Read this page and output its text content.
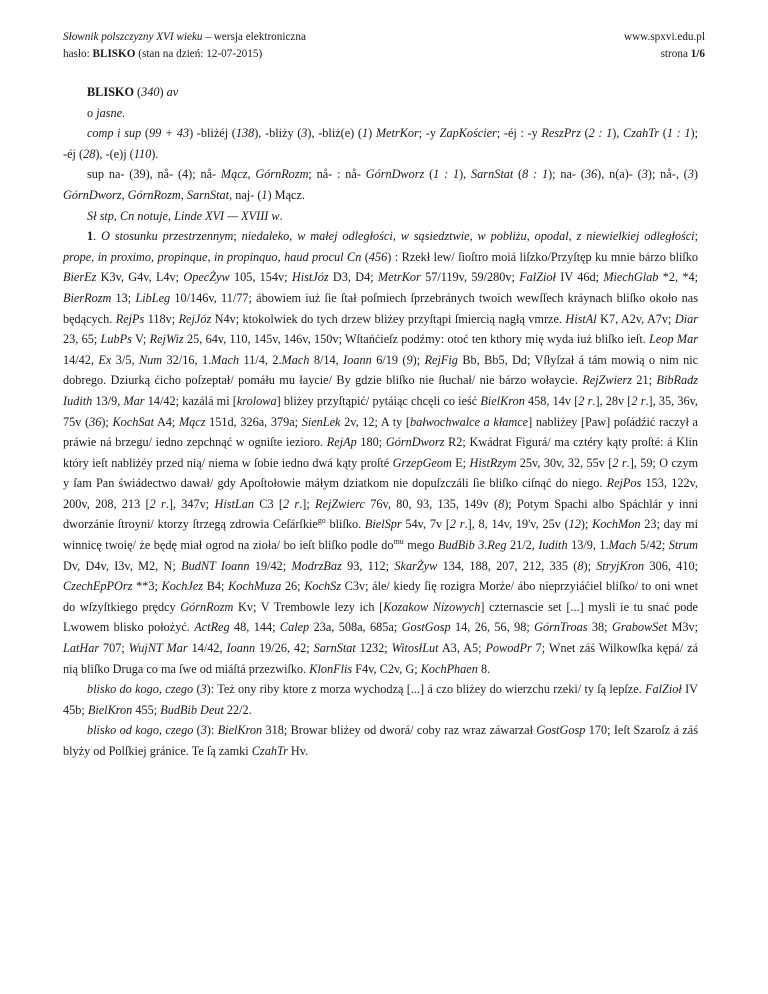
Słownik polszczyzny XVI wieku – wersja elektroniczna
hasło: BLISKO (stan na dzień: 12-07-2015)
www.spxvi.edu.pl
strona 1/6

BLISKO (340) av

o jasne.

comp i sup (99 + 43) -bliżéj (138), -bliży (3), -bliż(e) (1) MetrKor; -y ZapKościer; -éj : -y ReszPrz (2 : 1), CzahTr (1 : 1); -éj (28), -(e)j (110).

sup na- (39), nå- (4); nå- Mącz, GórnRozm; nå- : nå- GórnDworz (1 : 1), SarnStat (8 : 1); na- (36), n(a)- (3); nå-, (3) GórnDworz, GórnRozm, SarnStat, naj- (1) Mącz.

Sł stp, Cn notuje, Linde XVI — XVIII w.

1. O stosunku przestrzennym; niedaleko, w małej odległości, w sąsiedztwie, w pobliżu, opodal, z niewielkiej odległości; prope, in proximo, propinque, in propinquo, haud procul Cn (456) : Rzekł lew/ ſioſtro moiá liſzko/Przyſtęp ku mnie bárzo bliſko BierEz K3v, G4v, L4v; OpecŻyw 105, 154v; HistJóz D3, D4; MetrKor 57/119v, 59/280v; FalZioł IV 46d; MiechGlab *2, *4; BierRozm 13; LibLeg 10/146v, 11/77; ábowiem iuż ſie ſtał poſmiech ſprzebránych twoich wewſſech kráynach bliſko około nas będących. RejPs 118v; RejJóz N4v; ktokolwiek do tych drzew bliżey przyſtąpi ſmiercią nagłą vmrze. HistAl K7, A2v, A7v; Diar 23, 65; LubPs V; RejWiz 25, 64v, 110, 145v, 146v, 150v; Wſtańćieſz podźmy: otoć ten kthory mię wyda iuż bliſko ieſt. Leop Mar 14/42, Ex 3/5, Num 32/16, 1.Mach 11/4, 2.Mach 8/14, Ioann 6/19 (9); RejFig Bb, Bb5, Dd; Vſłyſzał á tám mowią o nim nic dobrego. Dziurką ćicho poſzeptał/ pomáłu mu łaycie/ By gdzie bliſko nie ſłuchał/ nie bárzo wołaycie. RejZwierz 21; BibRadz Iudith 13/9, Mar 14/42; kazálá mi [krolowa] bliżey przyſtąpić/ pytáiąc chcęli co ieść BielKron 458, 14v [2 r.], 28v [2 r.], 35, 36v, 75v (36); KochSat A4; Mącz 151d, 326a, 379a; SienLek 2v, 12; A ty [bałwochwalce a kłamce] nabliżey [Paw] poſádźić raczył a práwie ná brzegu/ iedno zepchnąć w ogniſte iezioro. RejAp 180; GórnDworz R2; Kwádrat Figurá/ ma cztéry kąty proſté: á Klin który ieſt nabliżéy przed nią/ niema w ſobie iedno dwá kąty proſté GrzepGeom E; HistRzym 25v, 30v, 32, 55v [2 r.], 59; O czym y ſam Pan świádectwo dawał/ gdy Apoſtołowie máłym dziatkom nie dopuſzczáli ſie bliſko ciſnąć do niego. RejPos 153, 122v, 200v, 208, 213 [2 r.], 347v; HistLan C3 [2 r.]; RejZwierc 76v, 80, 93, 135, 149v (8); Potym Spachi albo Spáchlár y inni dworzánie ſtroyni/ ktorzy ſtrzegą zdrowia Ceſárſkie$^{go}$ bliſko. BielSpr 54v, 7v [2 r.], 8, 14v, 19'v, 25v (12); KochMon 23; day mi winnicę twoię/ że będę miał ogrod na zioła/ bo ieſt bliſko podle $do^{mu}$ mego BudBib 3.Reg 21/2, Iudith 13/9, 1.Mach 5/42; Strum Dv, D4v, I3v, M2, N; BudNT Ioann 19/42; ModrzBaz 93, 112; SkarŻyw 134, 188, 207, 212, 335 (8); StryjKron 306, 410; CzechEpPOrz **3; KochJez B4; KochMuza 26; KochSz C3v; ále/ kiedy ſię rozigra Morże/ ábo nieprzyiáćiel bliſko/ to oni wnet do wſzyſtkiego prędcy GórnRozm Kv; V Trembowle lezy ich [Kozakow Nizowych] czternascie set [...] mysli ie tu snać pode Lwowem blisko położyć. ActReg 48, 144; Calep 23a, 508a, 685a; GostGosp 14, 26, 56, 98; GórnTroas 38; GrabowSet M3v; LatHar 707; WujNT Mar 14/42, Ioann 19/26, 42; SarnStat 1232; WitosłLut A3, A5; PowodPr 7; Wnet záś Wilkowſka kępá/ zá nią bliſko Druga co ma ſwe od miáſtá przezwiſko. KlonFlis F4v, C2v, G; KochPhaen 8.

blisko do kogo, czego (3): Też ony riby ktore z morza wychodzą [...] á czo bliżey do wierzchu rzeki/ ty ſą lepſze. FalZioł IV 45b; BielKron 455; BudBib Deut 22/2.

blisko od kogo, czego (3): BielKron 318; Browar bliżey od dworá/ coby raz wraz záwarzał GostGosp 170; Ieſt Szaroſz á záś blyży od Polſkiej gránice. Te ſą zamki CzahTr Hv.
